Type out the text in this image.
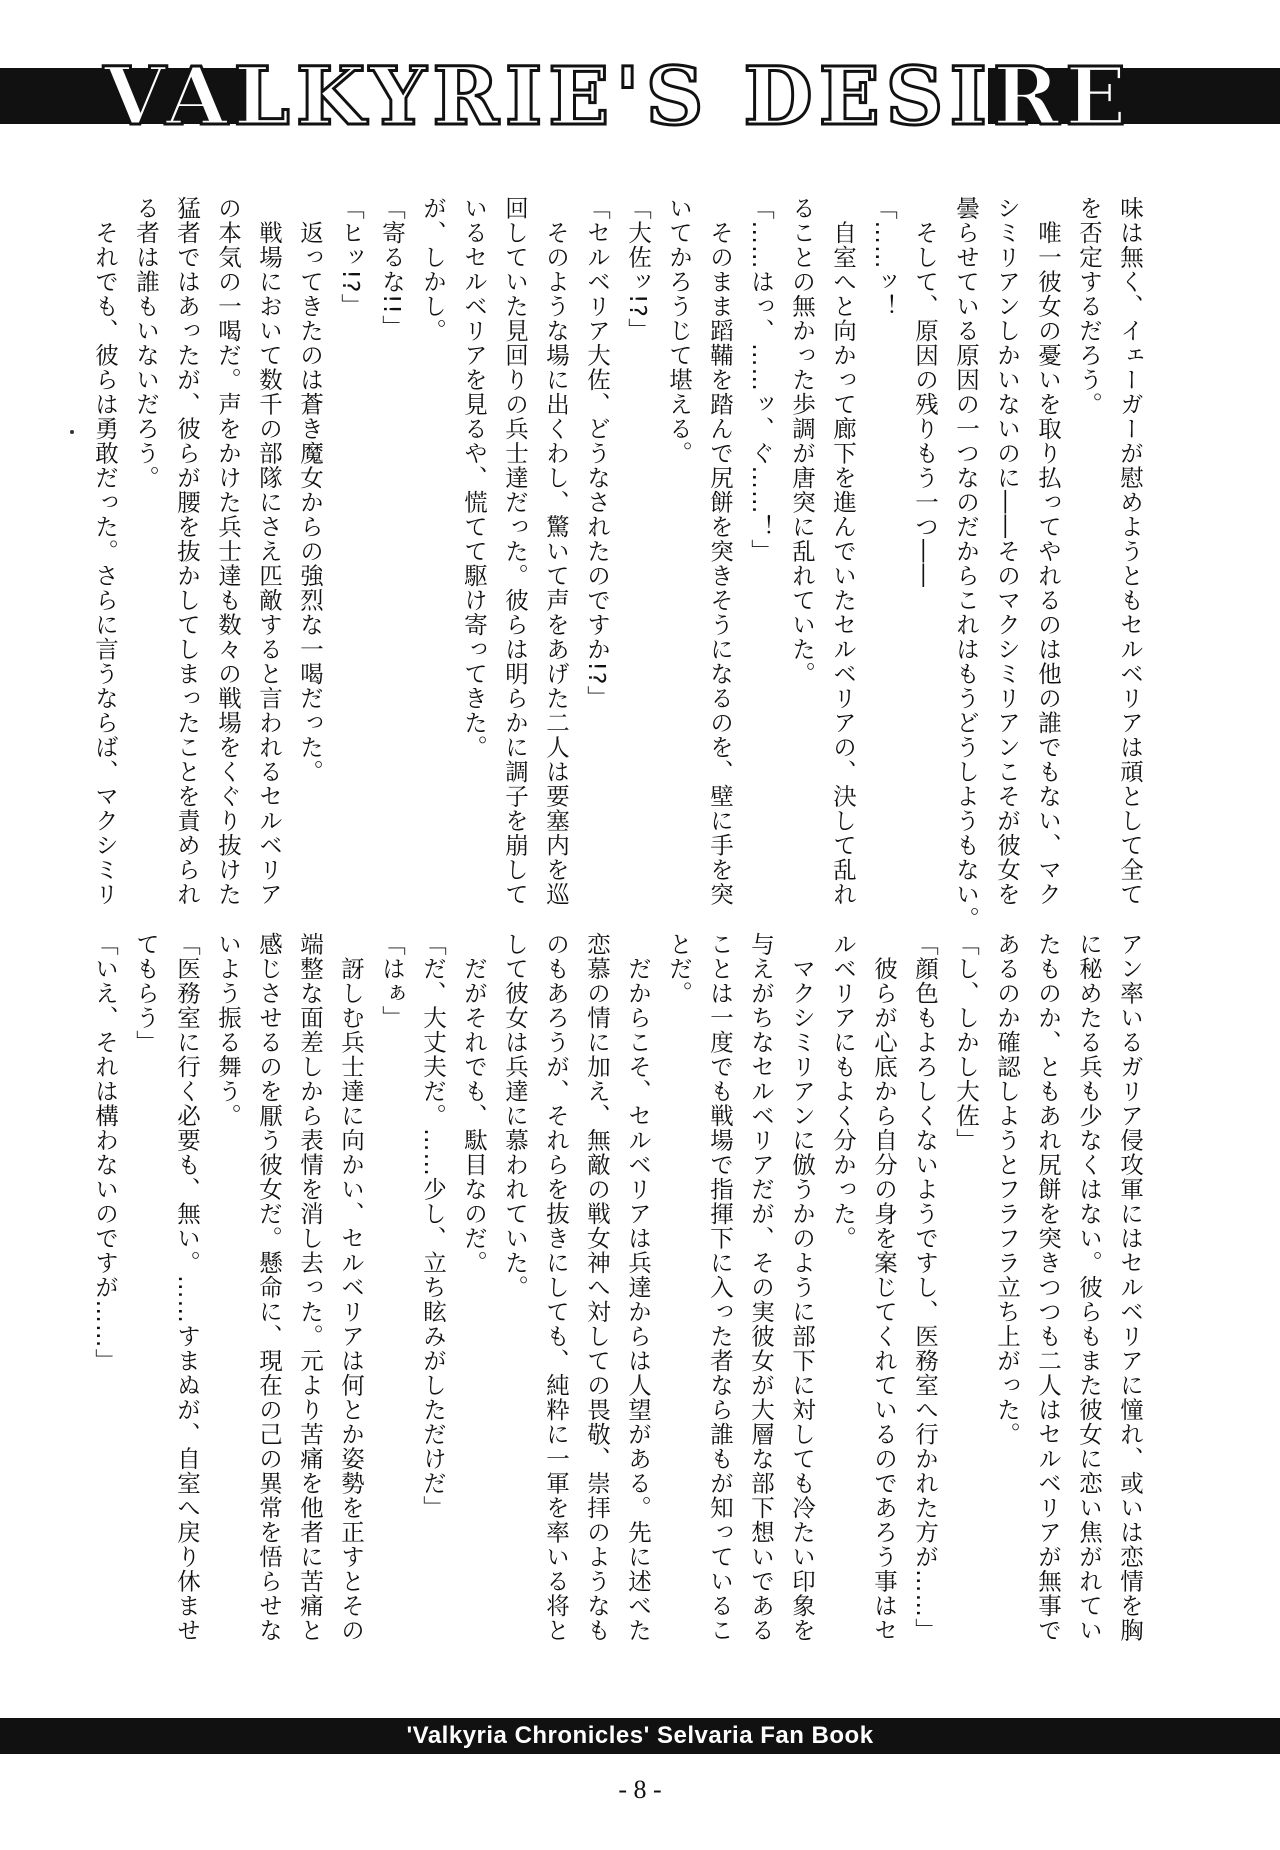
VALKYRIE'S DESIRE

味は無く、イェーガーが慰めようともセルベリアは頑として全て

を否定するだろう。

　唯一彼女の憂いを取り払ってやれるのは他の誰でもない、マク

シミリアンしかいないのに――そのマクシミリアンこそが彼女を

曇らせている原因の一つなのだからこれはもうどうしようもない。

　そして、原因の残りもう一つ――

「……ッ！

　自室へと向かって廊下を進んでいたセルベリアの、決して乱れ

ることの無かった歩調が唐突に乱れていた。

「……はっ、……ッ、ぐ……！」

　そのまま蹈鞴を踏んで尻餅を突きそうになるのを、壁に手を突

いてかろうじて堪える。

「大佐ッ!?」

「セルベリア大佐、どうなされたのですか!?」

　そのような場に出くわし、驚いて声をあげた二人は要塞内を巡

回していた見回りの兵士達だった。彼らは明らかに調子を崩して

いるセルベリアを見るや、慌てて駆け寄ってきた。

が、しかし。

「寄るな!!」

「ヒッ!?」

　返ってきたのは蒼き魔女からの強烈な一喝だった。

　戦場において数千の部隊にさえ匹敵すると言われるセルベリア

の本気の一喝だ。声をかけた兵士達も数々の戦場をくぐり抜けた

猛者ではあったが、彼らが腰を抜かしてしまったことを責められ

る者は誰もいないだろう。

　それでも、彼らは勇敢だった。さらに言うならば、マクシミリ

アン率いるガリア侵攻軍にはセルベリアに憧れ、或いは恋情を胸

に秘めたる兵も少なくはない。彼らもまた彼女に恋い焦がれてい

たものか、ともあれ尻餅を突きつつも二人はセルベリアが無事で

あるのか確認しようとフラフラ立ち上がった。

「し、しかし大佐」

「顔色もよろしくないようですし、医務室へ行かれた方が……」

　彼らが心底から自分の身を案じてくれているのであろう事はセ

ルベリアにもよく分かった。

　マクシミリアンに倣うかのように部下に対しても冷たい印象を

与えがちなセルベリアだが、その実彼女が大層な部下想いである

ことは一度でも戦場で指揮下に入った者なら誰もが知っているこ

とだ。

　だからこそ、セルベリアは兵達からは人望がある。先に述べた

恋慕の情に加え、無敵の戦女神へ対しての畏敬、崇拝のようなも

のもあろうが、それらを抜きにしても、純粋に一軍を率いる将と

して彼女は兵達に慕われていた。

　だがそれでも、駄目なのだ。

「だ、大丈夫だ。……少し、立ち眩みがしただけだ」

「はぁ」

　訝しむ兵士達に向かい、セルベリアは何とか姿勢を正すとその

端整な面差しから表情を消し去った。元より苦痛を他者に苦痛と

感じさせるのを厭う彼女だ。懸命に、現在の己の異常を悟らせな

いよう振る舞う。

「医務室に行く必要も、無い。……すまぬが、自室へ戻り休ませ

てもらう」

「いえ、それは構わないのですが……」

'Valkyria Chronicles' Selvaria Fan Book
- 8 -
